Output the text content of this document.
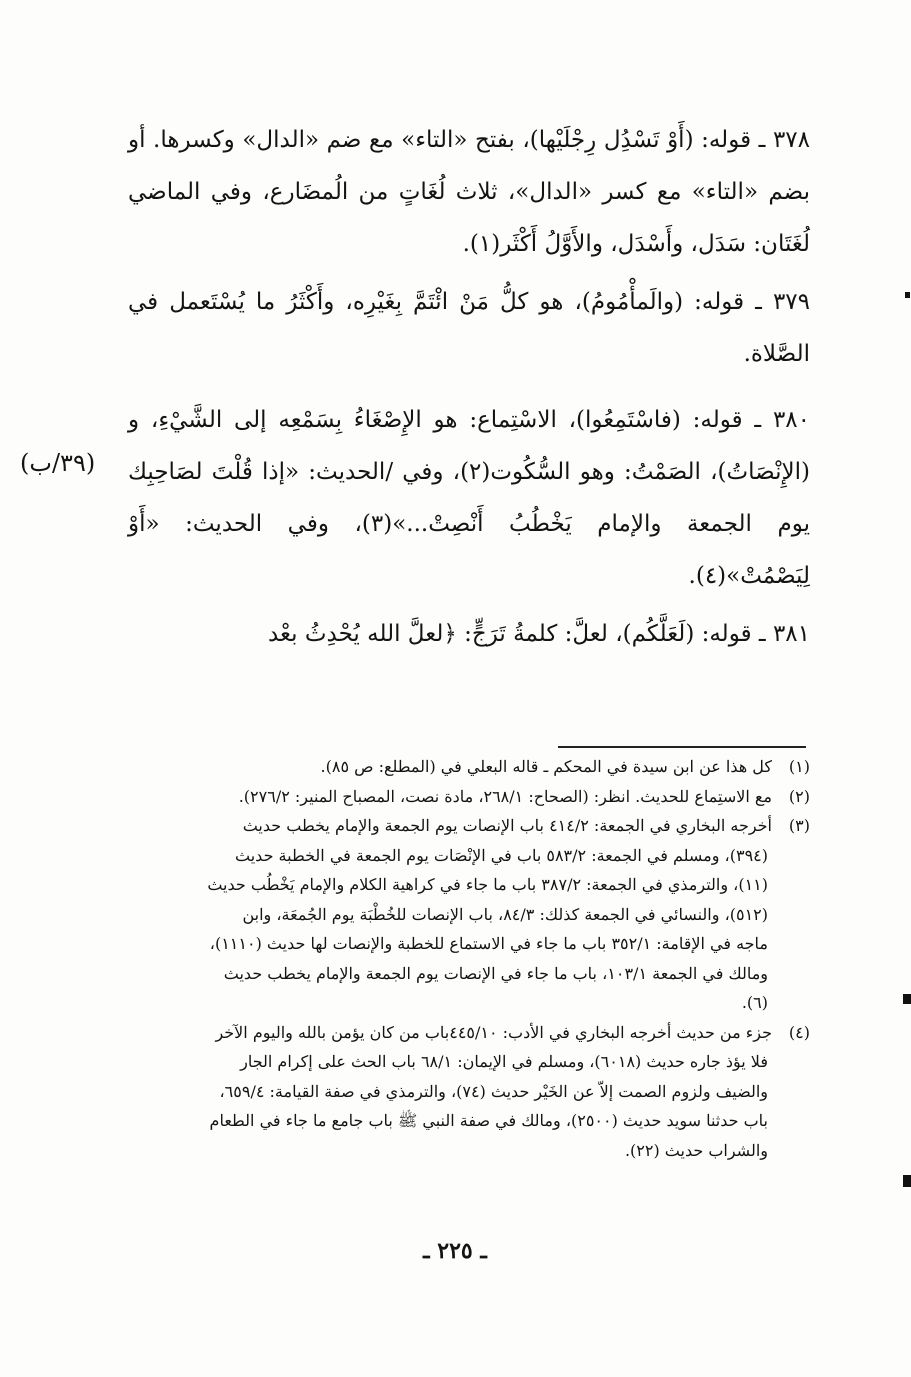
٣٧٨ ـ قوله: (أَوْ تَسْدُِل رِجْلَيْها)، بفتح «التاء» مع ضم «الدال» وكسرها. أو بضم «التاء» مع كسر «الدال»، ثلاث لُغَاتٍ من الُمضَارع، وفي الماضي لُغَتَان: سَدَل، وأَسْدَل، والأَوَّلُ أَكْثَر(١).

٣٧٩ ـ قوله: (والَمأْمُومُ)، هو كلُّ مَنْ ائْتَمَّ بِغَيْرِه، وأَكْثَرُ ما يُسْتَعمل في الصَّلاة.

٣٨٠ ـ قوله: (فاسْتَمِعُوا)، الاسْتِماع: هو الإِصْغَاءُ بِسَمْعِه إلى الشَّيْءِ، و (الإِنْصَاتُ)، الصَمْتُ: وهو السُّكُوت(٢)، وفي /الحديث: «إذا قُلْتَ لصَاحِبِك يوم الجمعة والإمام يَخْطُبُ أَنْصِتْ...»(٣)، وفي الحديث: «أَوْ لِيَصْمُتْ»(٤).

٣٨١ ـ قوله: (لَعَلَّكُم)، لعلَّ: كلمةُ تَرَجٍّ: ﴿لعلَّ الله يُحْدِثُ بعْد

(٣٩/ب)

(١)كل هذا عن ابن سيدة في المحكم ـ قاله البعلي في (المطلع: ص ٨٥).

(٢)مع الاستِماع للحديث. انظر: (الصحاح: ٢٦٨/١، مادة نصت، المصباح المنير: ٢٧٦/٢).

(٣)أخرجه البخاري في الجمعة: ٤١٤/٢ باب الإنصات يوم الجمعة والإمام يخطب حديث

(٣٩٤)، ومسلم في الجمعة: ٥٨٣/٢ باب في الإنْصَات يوم الجمعة في الخطبة حديث

(١١)، والترمذي في الجمعة: ٣٨٧/٢ باب ما جاء في كراهية الكلام والإمام يَخْطُب حديث

(٥١٢)، والنسائي في الجمعة كذلك: ٨٤/٣، باب الإنصات للخُطْبَة يوم الجُمعَة، وابن

ماجه في الإقامة: ٣٥٢/١ باب ما جاء في الاستماع للخطبة والإنصات لها حديث (١١١٠)،

ومالك في الجمعة ١٠٣/١، باب ما جاء في الإنصات يوم الجمعة والإمام يخطب حديث

(٦).

(٤)جزء من حديث أخرجه البخاري في الأدب: ٤٤٥/١٠باب من كان يؤمن بالله واليوم الآخر

فلا يؤذ جاره حديث (٦٠١٨)، ومسلم في الإيمان: ٦٨/١ باب الحث على إكرام الجار

والضيف ولزوم الصمت إلاّ عن الخَيْر حديث (٧٤)، والترمذي في صفة القيامة: ٦٥٩/٤،

باب حدثنا سويد حديث (٢٥٠٠)، ومالك في صفة النبي ﷺ باب جامع ما جاء في الطعام

والشراب حديث (٢٢).

ـ ٢٢٥ ـ
